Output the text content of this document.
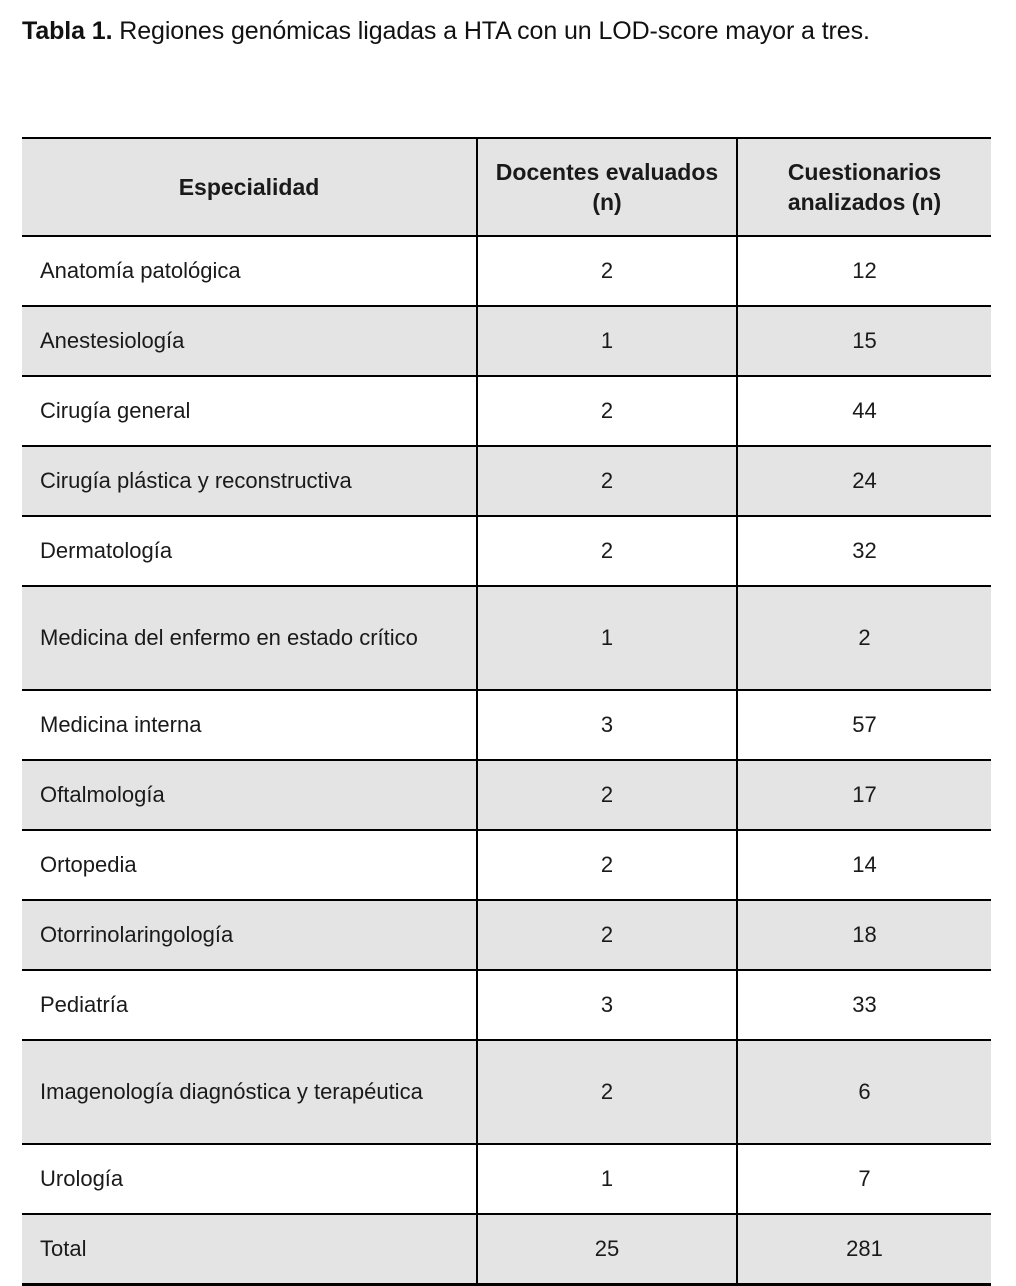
Tabla 1. Regiones genómicas ligadas a HTA con un LOD-score mayor a tres.
Especialidad	Docentes evaluados (n)	Cuestionarios analizados (n)
Anatomía patológica	2	12
Anestesiología	1	15
Cirugía general	2	44
Cirugía plástica y reconstructiva	2	24
Dermatología	2	32
Medicina del enfermo en estado crítico	1	2
Medicina interna	3	57
Oftalmología	2	17
Ortopedia	2	14
Otorrinolaringología	2	18
Pediatría	3	33
Imagenología diagnóstica y terapéutica	2	6
Urología	1	7
Total	25	281
